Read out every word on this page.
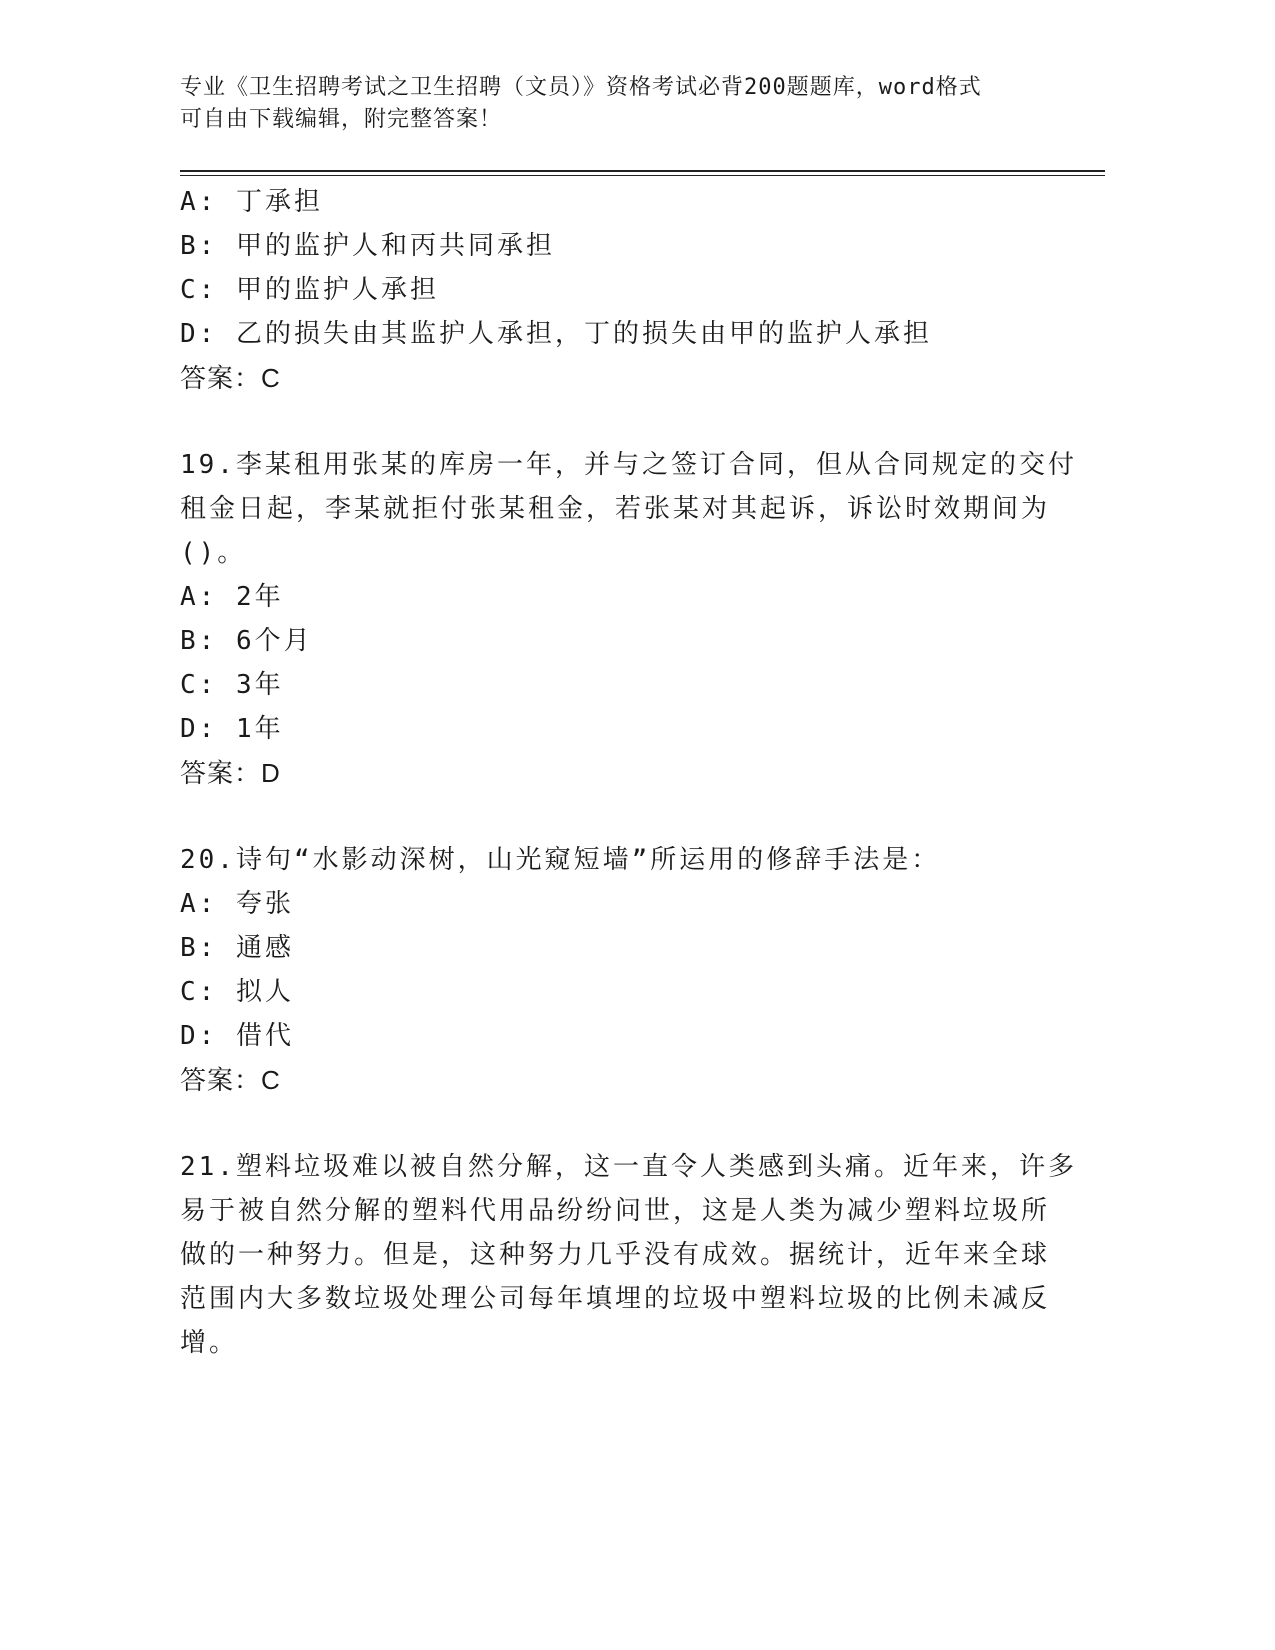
专业《卫生招聘考试之卫生招聘（文员）》资格考试必背200题题库，word格式
可自由下载编辑，附完整答案！
A: 丁承担
B: 甲的监护人和丙共同承担
C: 甲的监护人承担
D: 乙的损失由其监护人承担，丁的损失由甲的监护人承担
答案：C
19.李某租用张某的库房一年，并与之签订合同，但从合同规定的交付
租金日起，李某就拒付张某租金，若张某对其起诉，诉讼时效期间为
()。
A: 2年
B: 6个月
C: 3年
D: 1年
答案：D
20.诗句“水影动深树，山光窥短墙”所运用的修辞手法是：
A: 夸张
B: 通感
C: 拟人
D: 借代
答案：C
21.塑料垃圾难以被自然分解，这一直令人类感到头痛。近年来，许多
易于被自然分解的塑料代用品纷纷问世，这是人类为减少塑料垃圾所
做的一种努力。但是，这种努力几乎没有成效。据统计，近年来全球
范围内大多数垃圾处理公司每年填埋的垃圾中塑料垃圾的比例未减反
增。
